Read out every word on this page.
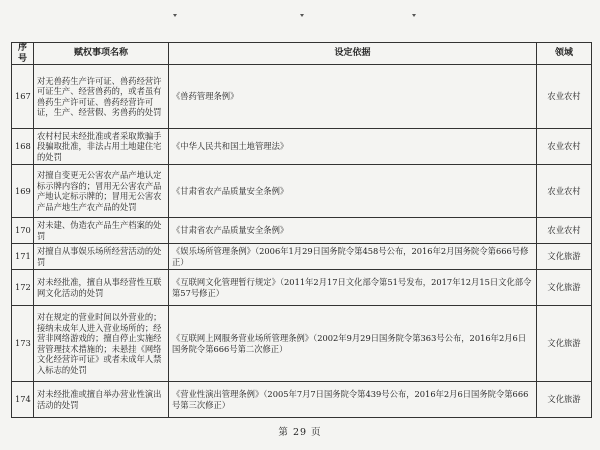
序号	赋权事项名称	设定依据	领域
167	对无兽药生产许可证、兽药经营许可证生产、经营兽药的，或者虽有兽药生产许可证、兽药经营许可证，生产、经营假、劣兽药的处罚	《兽药管理条例》	农业农村
168	农村村民未经批准或者采取欺骗手段骗取批准，非法占用土地建住宅的处罚	《中华人民共和国土地管理法》	农业农村
169	对擅自变更无公害农产品产地认定标示牌内容的；冒用无公害农产品产地认定标示牌的；冒用无公害农产品产地生产农产品的处罚	《甘肃省农产品质量安全条例》	农业农村
170	对未建、伪造农产品生产档案的处罚	《甘肃省农产品质量安全条例》	农业农村
171	对擅自从事娱乐场所经营活动的处罚	《娱乐场所管理条例》（2006年1月29日国务院令第458号公布，2016年2月国务院令第666号修正）	文化旅游
172	对未经批准，擅自从事经营性互联网文化活动的处罚	《互联网文化管理暂行规定》（2011年2月17日文化部令第51号发布，2017年12月15日文化部令第57号修正）	文化旅游
173	对在规定的营业时间以外营业的；接纳未成年人进入营业场所的；经营非网络游戏的；擅自停止实施经营管理技术措施的；未悬挂《网络文化经营许可证》或者未成年人禁入标志的处罚	《互联网上网服务营业场所管理条例》（2002年9月29日国务院令第363号公布，2016年2月6日国务院令第666号第二次修正）	文化旅游
174	对未经批准或擅自举办营业性演出活动的处罚	《营业性演出管理条例》（2005年7月7日国务院令第439号公布，2016年2月6日国务院令第666号第三次修正）	文化旅游
第 29 页
